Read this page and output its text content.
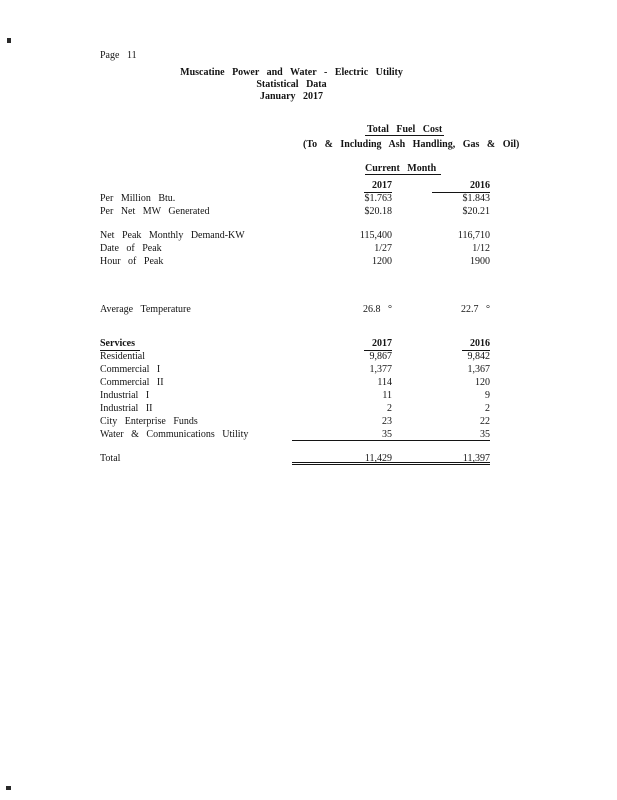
Page 11
Muscatine Power and Water - Electric Utility
Statistical Data
January 2017
Total Fuel Cost
(To & Including Ash Handling, Gas & Oil)
Current Month
2017	2016
Per Million Btu.	$1.763	$1.843
Per Net MW Generated	$20.18	$20.21
Net Peak Monthly Demand-KW	115,400	116,710
Date of Peak	1/27	1/12
Hour of Peak	1200	1900
Average Temperature	26.8 °	22.7 °
Services	2017	2016
Residential	9,867	9,842
Commercial I	1,377	1,367
Commercial II	114	120
Industrial I	11	9
Industrial II	2	2
City Enterprise Funds	23	22
Water & Communications Utility	35	35
Total	11,429	11,397
